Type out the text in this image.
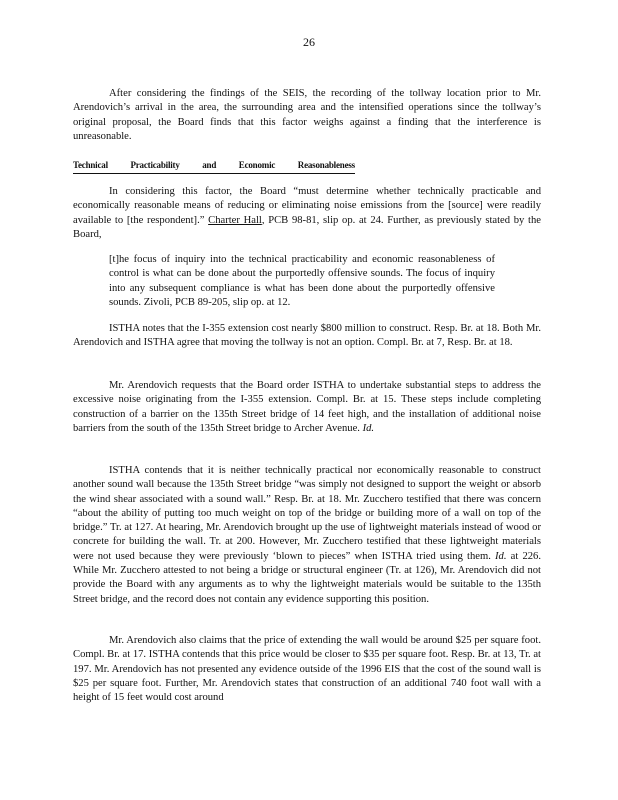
26
After considering the findings of the SEIS, the recording of the tollway location prior to Mr. Arendovich’s arrival in the area, the surrounding area and the intensified operations since the tollway’s original proposal, the Board finds that this factor weighs against a finding that the interference is unreasonable.
Technical	Practicability	and	Economic	Reasonableness
In considering this factor, the Board “must determine whether technically practicable and economically reasonable means of reducing or eliminating noise emissions from the [source] were readily available to [the respondent].” Charter Hall, PCB 98-81, slip op. at 24. Further, as previously stated by the Board,
[t]he focus of inquiry into the technical practicability and economic reasonableness of control is what can be done about the purportedly offensive sounds. The focus of inquiry into any subsequent compliance is what has been done about the purportedly offensive sounds. Zivoli, PCB 89-205, slip op. at 12.
ISTHA notes that the I-355 extension cost nearly $800 million to construct. Resp. Br. at 18. Both Mr. Arendovich and ISTHA agree that moving the tollway is not an option. Compl. Br. at 7, Resp. Br. at 18.
Mr. Arendovich requests that the Board order ISTHA to undertake substantial steps to address the excessive noise originating from the I-355 extension. Compl. Br. at 15. These steps include completing construction of a barrier on the 135th Street bridge of 14 feet high, and the installation of additional noise barriers from the south of the 135th Street bridge to Archer Avenue. Id.
ISTHA contends that it is neither technically practical nor economically reasonable to construct another sound wall because the 135th Street bridge “was simply not designed to support the weight or absorb the wind shear associated with a sound wall.” Resp. Br. at 18. Mr. Zucchero testified that there was concern “about the ability of putting too much weight on top of the bridge or building more of a wall on top of the bridge.” Tr. at 127. At hearing, Mr. Arendovich brought up the use of lightweight materials instead of wood or concrete for building the wall. Tr. at 200. However, Mr. Zucchero testified that these lightweight materials were not used because they were previously ‘blown to pieces” when ISTHA tried using them. Id. at 226. While Mr. Zucchero attested to not being a bridge or structural engineer (Tr. at 126), Mr. Arendovich did not provide the Board with any arguments as to why the lightweight materials would be suitable to the 135th Street bridge, and the record does not contain any evidence supporting this position.
Mr. Arendovich also claims that the price of extending the wall would be around $25 per square foot. Compl. Br. at 17. ISTHA contends that this price would be closer to $35 per square foot. Resp. Br. at 13, Tr. at 197. Mr. Arendovich has not presented any evidence outside of the 1996 EIS that the cost of the sound wall is $25 per square foot. Further, Mr. Arendovich states that construction of an additional 740 foot wall with a height of 15 feet would cost around
